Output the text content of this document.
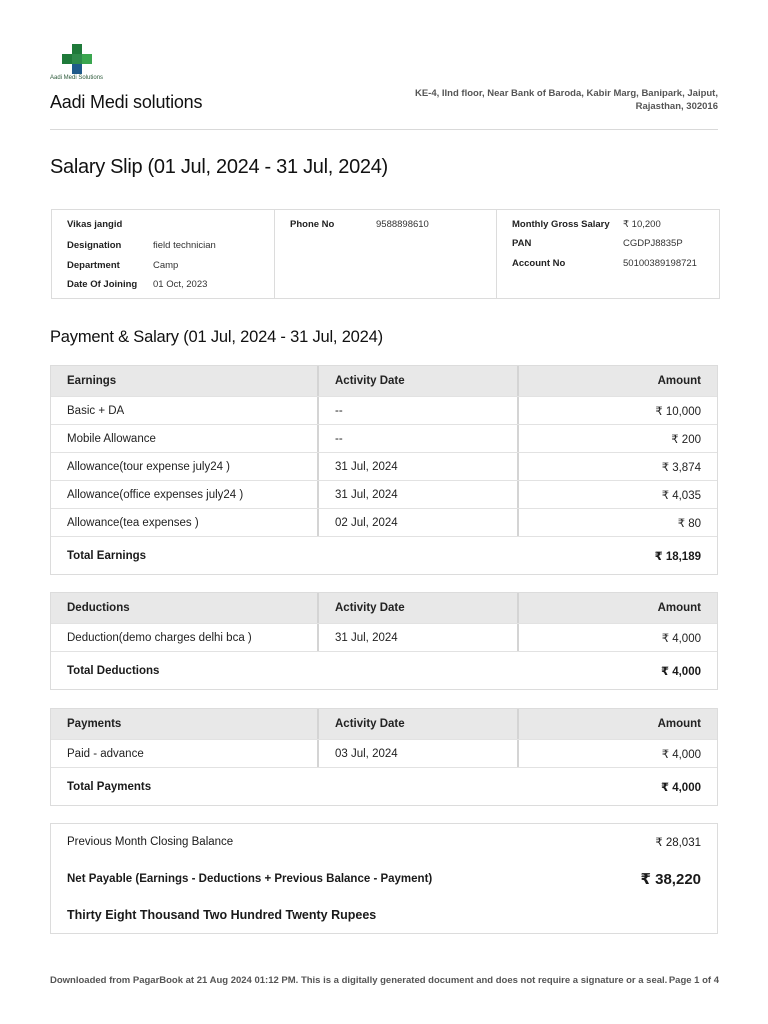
Aadi Medi Solutions
Aadi Medi solutions	KE-4, IInd floor, Near Bank of Baroda, Kabir Marg, Banipark, Jaiput,
Rajasthan, 302016
Salary Slip (01 Jul, 2024 - 31 Jul, 2024)
Vikas jangid
Designation	field technician
Department	Camp
Date Of Joining 01 Oct, 2023
Phone No	9588898610	Monthly Gross Salary ₹ 10,200
PAN	CGDPJ8835P
Account No	50100389198721
Payment & Salary (01 Jul, 2024 - 31 Jul, 2024)
Earnings	Activity Date	Amount
Basic + DA	--	₹ 10,000
Mobile Allowance	--	₹ 200
Allowance(tour expense july24 )	31 Jul, 2024	₹ 3,874
Allowance(office expenses july24 )	31 Jul, 2024	₹ 4,035
Allowance(tea expenses )	02 Jul, 2024	₹ 80
Total Earnings	₹ 18,189
Deductions	Activity Date	Amount
Deduction(demo charges delhi bca )	31 Jul, 2024	₹ 4,000
Total Deductions	₹ 4,000
Payments	Activity Date	Amount
Paid - advance	03 Jul, 2024	₹ 4,000
Total Payments	₹ 4,000
Previous Month Closing Balance	₹ 28,031
Net Payable (Earnings - Deductions + Previous Balance - Payment)	₹ 38,220
Thirty Eight Thousand Two Hundred Twenty Rupees
Downloaded from PagarBook at 21 Aug 2024 01:12 PM. This is a digitally generated document and does not require a signature or a seal. Page 1 of 4
